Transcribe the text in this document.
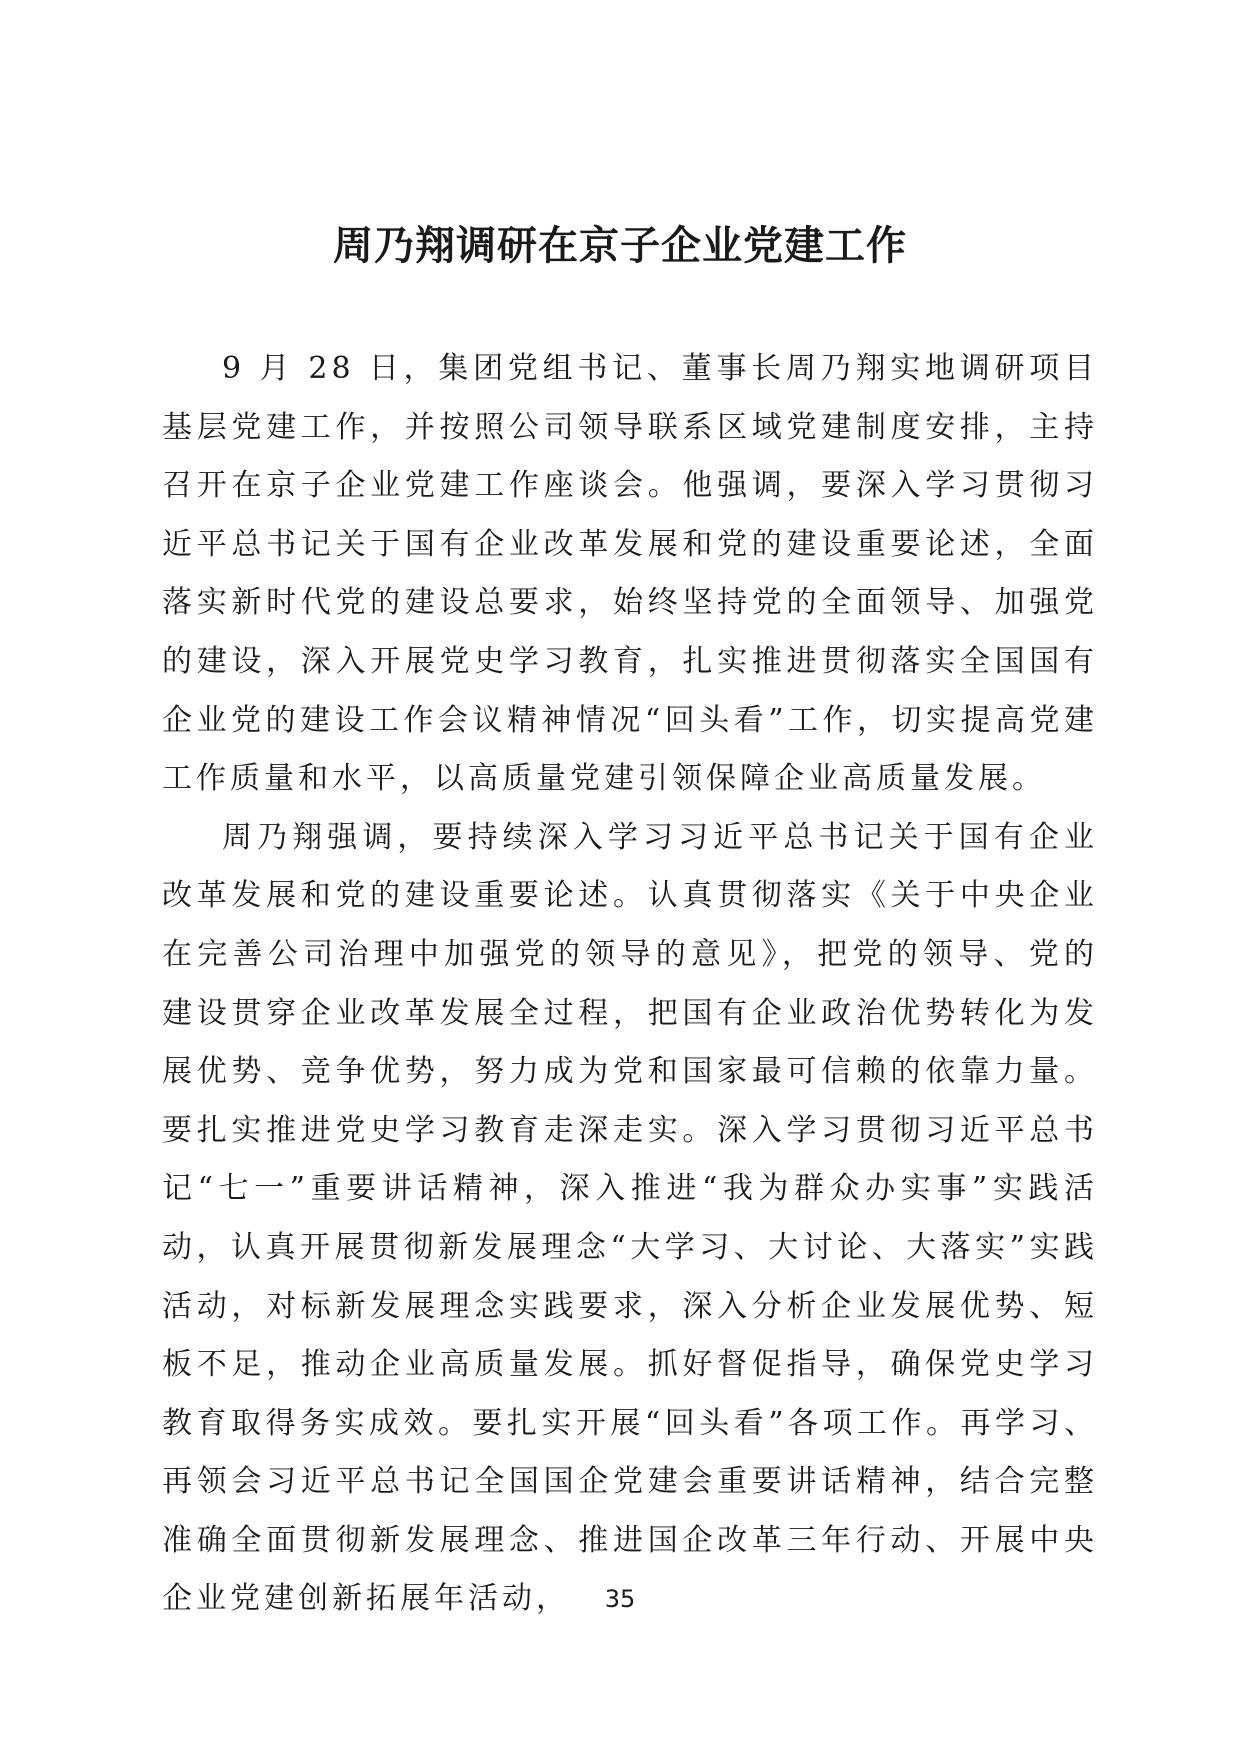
周乃翔调研在京子企业党建工作

9 月 28 日，集团党组书记、董事长周乃翔实地调研项目基层党建工作，并按照公司领导联系区域党建制度安排，主持召开在京子企业党建工作座谈会。他强调，要深入学习贯彻习近平总书记关于国有企业改革发展和党的建设重要论述，全面落实新时代党的建设总要求，始终坚持党的全面领导、加强党的建设，深入开展党史学习教育，扎实推进贯彻落实全国国有企业党的建设工作会议精神情况“回头看”工作，切实提高党建工作质量和水平，以高质量党建引领保障企业高质量发展。

周乃翔强调，要持续深入学习习近平总书记关于国有企业改革发展和党的建设重要论述。认真贯彻落实《关于中央企业在完善公司治理中加强党的领导的意见》，把党的领导、党的建设贯穿企业改革发展全过程，把国有企业政治优势转化为发展优势、竞争优势，努力成为党和国家最可信赖的依靠力量。要扎实推进党史学习教育走深走实。深入学习贯彻习近平总书记“七一”重要讲话精神，深入推进“我为群众办实事”实践活动，认真开展贯彻新发展理念“大学习、大讨论、大落实”实践活动，对标新发展理念实践要求，深入分析企业发展优势、短板不足，推动企业高质量发展。抓好督促指导，确保党史学习教育取得务实成效。要扎实开展“回头看”各项工作。再学习、再领会习近平总书记全国国企党建会重要讲话精神，结合完整准确全面贯彻新发展理念、推进国企改革三年行动、开展中央企业党建创新拓展年活动，	35
